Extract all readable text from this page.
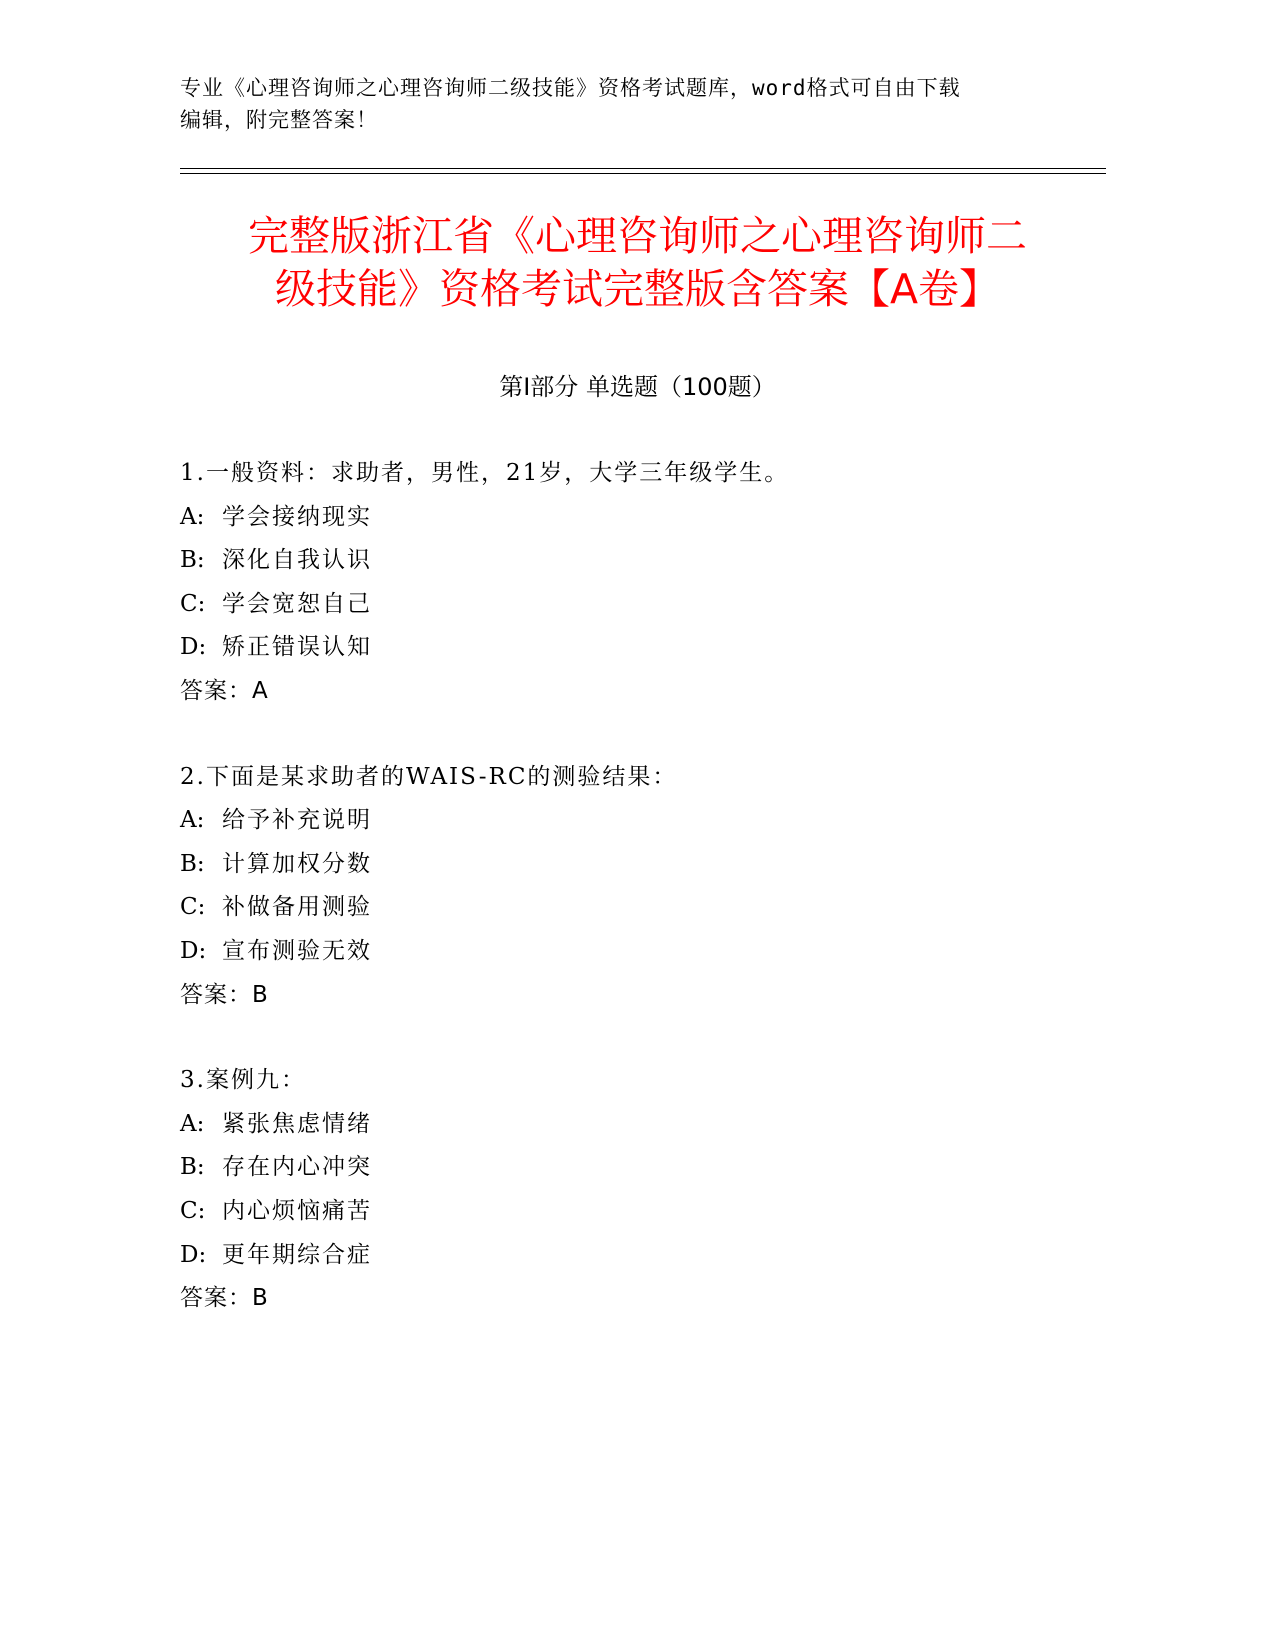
专业《心理咨询师之心理咨询师二级技能》资格考试题库，word格式可自由下载
编辑，附完整答案！
完整版浙江省《心理咨询师之心理咨询师二
级技能》资格考试完整版含答案【A卷】
第Ⅰ部分 单选题（100题）
1.一般资料：求助者，男性，21岁，大学三年级学生。
A: 学会接纳现实
B: 深化自我认识
C: 学会宽恕自己
D: 矫正错误认知
答案：A
2.下面是某求助者的WAIS-RC的测验结果：
A: 给予补充说明
B: 计算加权分数
C: 补做备用测验
D: 宣布测验无效
答案：B
3.案例九：
A: 紧张焦虑情绪
B: 存在内心冲突
C: 内心烦恼痛苦
D: 更年期综合症
答案：B
